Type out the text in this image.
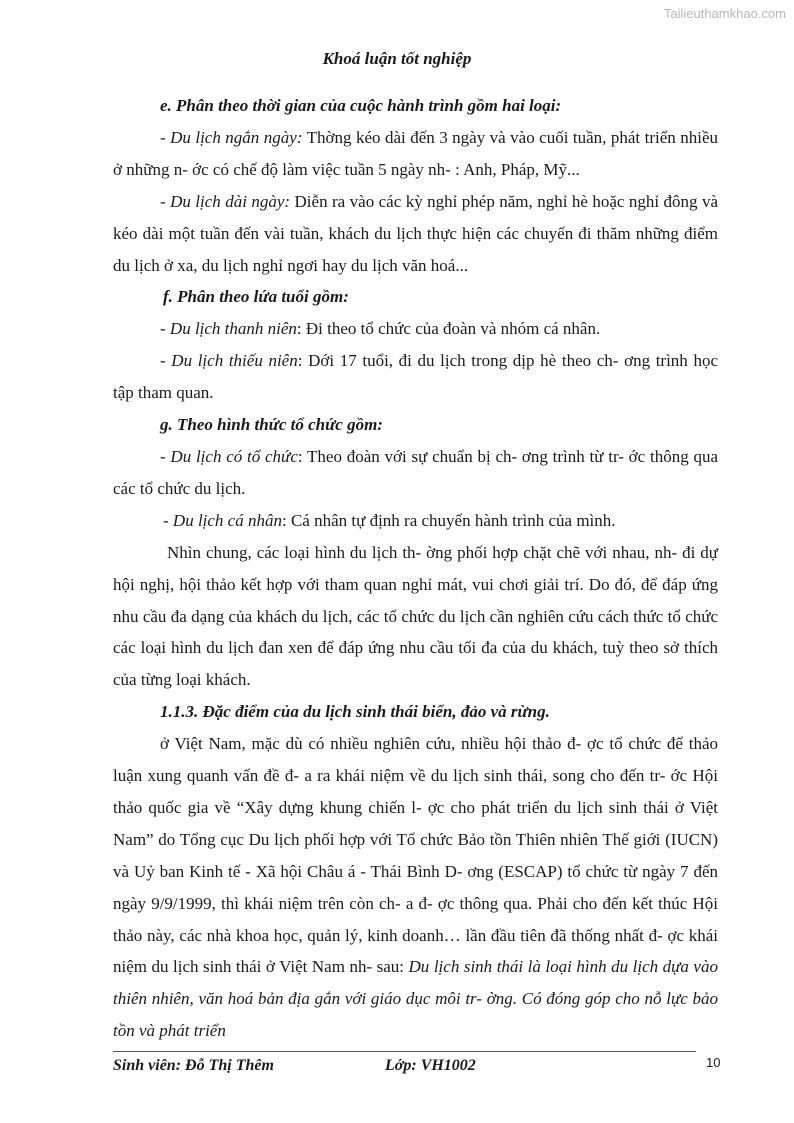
Tailieuthamkhao.com
Khoá luận tốt nghiệp

e. Phân theo thời gian của cuộc hành trình gồm hai loại:

- Du lịch ngắn ngày: Thờng kéo dài đến 3 ngày và vào cuối tuần, phát triển nhiều ở những n- ớc có chế độ làm việc tuần 5 ngày nh- : Anh, Pháp, Mỹ...

- Du lịch dài ngày: Diễn ra vào các kỳ nghỉ phép năm, nghỉ hè hoặc nghỉ đông và kéo dài một tuần đến vài tuần, khách du lịch thực hiện các chuyến đi thăm những điểm du lịch ở xa, du lịch nghỉ ngơi hay du lịch văn hoá...

f. Phân theo lứa tuổi gồm:

- Du lịch thanh niên: Đi theo tổ chức của đoàn và nhóm cá nhân.

- Du lịch thiếu niên: Dới 17 tuổi, đi du lịch trong dịp hè theo ch- ơng trình học tập tham quan.

g. Theo hình thức tổ chức gồm:

- Du lịch có tổ chức: Theo đoàn với sự chuẩn bị ch- ơng trình từ tr- ớc thông qua các tổ chức du lịch.

- Du lịch cá nhân: Cá nhân tự định ra chuyến hành trình của mình.

Nhìn chung, các loại hình du lịch th- ờng phối hợp chặt chẽ với nhau, nh- đi dự hội nghị, hội thảo kết hợp với tham quan nghỉ mát, vui chơi giải trí. Do đó, để đáp ứng nhu cầu đa dạng của khách du lịch, các tổ chức du lịch cần nghiên cứu cách thức tổ chức các loại hình du lịch đan xen để đáp ứng nhu cầu tối đa của du khách, tuỳ theo sở thích của từng loại khách.

1.1.3. Đặc điểm của du lịch sinh thái biển, đảo và rừng.

ở Việt Nam, mặc dù có nhiều nghiên cứu, nhiều hội thảo đ- ợc tổ chức để thảo luận xung quanh vấn đề đ- a ra khái niệm về du lịch sinh thái, song cho đến tr- ớc Hội thảo quốc gia về “Xây dựng khung chiến l- ợc cho phát triển du lịch sinh thái ở Việt Nam” do Tổng cục Du lịch phối hợp với Tổ chức Bảo tồn Thiên nhiên Thế giới (IUCN) và Uỷ ban Kinh tế - Xã hội Châu á - Thái Bình D- ơng (ESCAP) tổ chức từ ngày 7 đến ngày 9/9/1999, thì khái niệm trên còn ch- a đ- ợc thông qua. Phải cho đến kết thúc Hội thảo này, các nhà khoa học, quản lý, kinh doanh… lần đầu tiên đã thống nhất đ- ợc khái niệm du lịch sinh thái ở Việt Nam nh- sau: Du lịch sinh thái là loại hình du lịch dựa vào thiên nhiên, văn hoá bản địa gắn với giáo dục môi tr- ờng. Có đóng góp cho nỗ lực bảo tồn và phát triển

Sinh viên: Đỗ Thị Thêm	Lớp: VH1002	10
